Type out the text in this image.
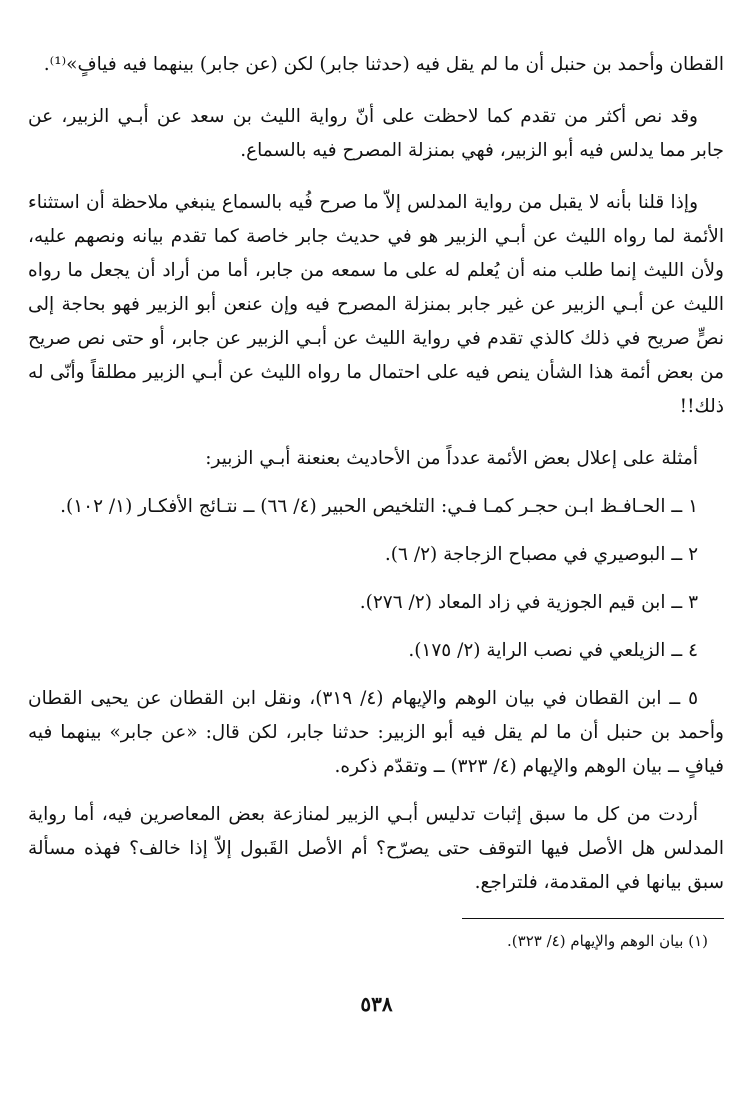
القطان وأحمد بن حنبل أن ما لم يقل فيه (حدثنا جابر) لكن (عن جابر) بينهما فيه فيافٍ»⁽¹⁾.

وقد نص أكثر من تقدم كما لاحظت على أنّ رواية الليث بن سعد عن أبـي الزبير، عن جابر مما يدلس فيه أبو الزبير، فهي بمنزلة المصرح فيه بالسماع.

وإذا قلنا بأنه لا يقبل من رواية المدلس إلاّ ما صرح فُيه بالسماع ينبغي ملاحظة أن استثناء الأئمة لما رواه الليث عن أبـي الزبير هو في حديث جابر خاصة كما تقدم بيانه ونصهم عليه، ولأن الليث إنما طلب منه أن يُعلم له على ما سمعه من جابر، أما من أراد أن يجعل ما رواه الليث عن أبـي الزبير عن غير جابر بمنزلة المصرح فيه وإن عنعن أبو الزبير فهو بحاجة إلى نصٍّ صريح في ذلك كالذي تقدم في رواية الليث عن أبـي الزبير عن جابر، أو حتى نص صريح من بعض أئمة هذا الشأن ينص فيه على احتمال ما رواه الليث عن أبـي الزبير مطلقاً وأنّى له ذلك!!

أمثلة على إعلال بعض الأئمة عدداً من الأحاديث بعنعنة أبـي الزبير:

١ ــ الحـافـظ ابـن حجـر كمـا فـي: التلخيص الحبير (٤/ ٦٦) ــ نتـائج الأفكـار (١/ ١٠٢).

٢ ــ البوصيري في مصباح الزجاجة (٢/ ٦).

٣ ــ ابن قيم الجوزية في زاد المعاد (٢/ ٢٧٦).

٤ ــ الزيلعي في نصب الراية (٢/ ١٧٥).

٥ ــ ابن القطان في بيان الوهم والإيهام (٤/ ٣١٩)، ونقل ابن القطان عن يحيى القطان وأحمد بن حنبل أن ما لم يقل فيه أبو الزبير: حدثنا جابر، لكن قال: «عن جابر» بينهما فيه فيافٍ ــ بيان الوهم والإيهام (٤/ ٣٢٣) ــ وتقدّم ذكره.

أردت من كل ما سبق إثبات تدليس أبـي الزبير لمنازعة بعض المعاصرين فيه، أما رواية المدلس هل الأصل فيها التوقف حتى يصرّح؟ أم الأصل القَبول إلاّ إذا خالف؟ فهذه مسألة سبق بيانها في المقدمة، فلتراجع.

(١) بيان الوهم والإيهام (٤/ ٣٢٣).

٥٣٨
